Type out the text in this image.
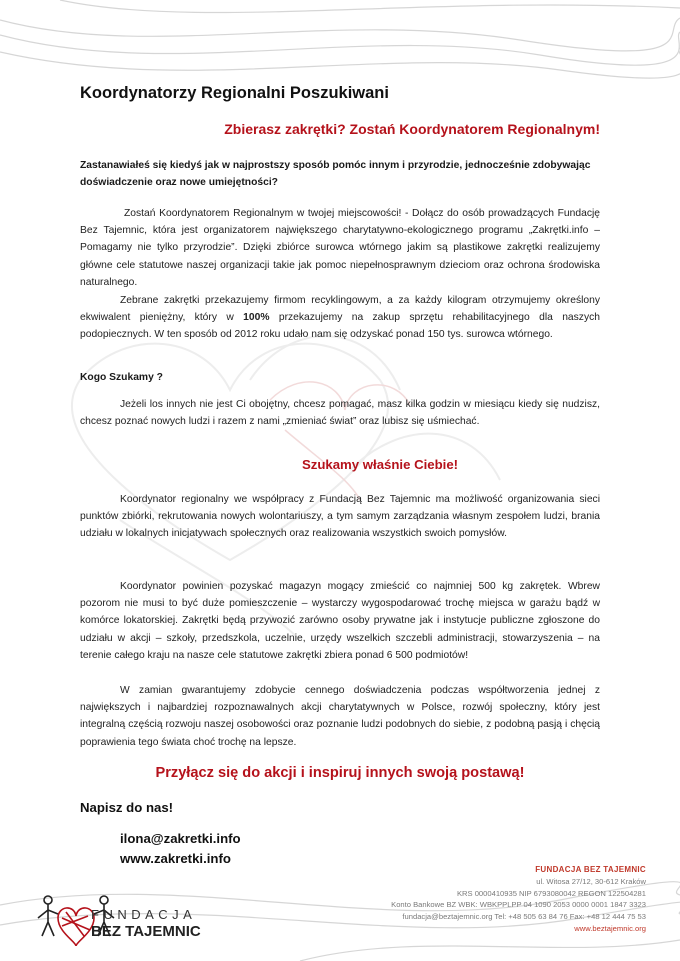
Koordynatorzy Regionalni Poszukiwani
Zbierasz zakrętki? Zostań Koordynatorem Regionalnym!
Zastanawiałeś się kiedyś jak w najprostszy sposób pomóc innym i przyrodzie, jednocześnie zdobywając doświadczenie oraz nowe umiejętności?

Zostań Koordynatorem Regionalnym w twojej miejscowości! - Dołącz do osób prowadzących Fundację Bez Tajemnic, która jest organizatorem największego charytatywno-ekologicznego programu „Zakrętki.info – Pomagamy nie tylko przyrodzie”. Dzięki zbiórce surowca wtórnego jakim są plastikowe zakrętki realizujemy główne cele statutowe naszej organizacji takie jak pomoc niepełnosprawnym dzieciom oraz ochrona środowiska naturalnego.

Zebrane zakrętki przekazujemy firmom recyklingowym, a za każdy kilogram otrzymujemy określony ekwiwalent pieniężny, który w 100% przekazujemy na zakup sprzętu rehabilitacyjnego dla naszych podopiecznych. W ten sposób od 2012 roku udało nam się odzyskać ponad 150 tys. surowca wtórnego.

Kogo Szukamy ?

Jeżeli los innych nie jest Ci obojętny, chcesz pomagać, masz kilka godzin w miesiącu kiedy się nudzisz, chcesz poznać nowych ludzi i razem z nami „zmieniać świat” oraz lubisz się uśmiechać.

Szukamy właśnie Ciebie!

Koordynator regionalny we współpracy z Fundacją Bez Tajemnic ma możliwość organizowania sieci punktów zbiórki, rekrutowania nowych wolontariuszy, a tym samym zarządzania własnym zespołem ludzi, brania udziału w lokalnych inicjatywach społecznych oraz realizowania wszystkich swoich pomysłów.

Koordynator powinien pozyskać magazyn mogący zmieścić co najmniej 500 kg zakrętek. Wbrew pozorom nie musi to być duże pomieszczenie – wystarczy wygospodarować trochę miejsca w garażu bądź w komórce lokatorskiej. Zakrętki będą przywozić zarówno osoby prywatne jak i instytucje publiczne zgłoszone do udziału w akcji – szkoły, przedszkola, uczelnie, urzędy wszelkich szczebli administracji, stowarzyszenia – na terenie całego kraju na nasze cele statutowe zakrętki zbiera ponad 6 500 podmiotów!

W zamian gwarantujemy zdobycie cennego doświadczenia podczas współtworzenia jednej z największych i najbardziej rozpoznawalnych akcji charytatywnych w Polsce, rozwój społeczny, który jest integralną częścią rozwoju naszej osobowości oraz poznanie ludzi podobnych do siebie, z podobną pasją i chęcią poprawienia tego świata choć trochę na lepsze.

Przyłącz się do akcji i inspiruj innych swoją postawą!
Napisz do nas!
ilona@zakretki.info
www.zakretki.info
FUNDACJA
BEZ TAJEMNIC
FUNDACJA BEZ TAJEMNIC
ul. Witosa 27/12, 30-612 Kraków
KRS 0000410935 NIP 6793080042 REGON 122504281
Konto Bankowe BZ WBK: WBKPPLPP 04 1090 2053 0000 0001 1847 3323
fundacja@beztajemnic.org Tel: +48 505 63 84 76 Fax: +48 12 444 75 53
www.beztajemnic.org
